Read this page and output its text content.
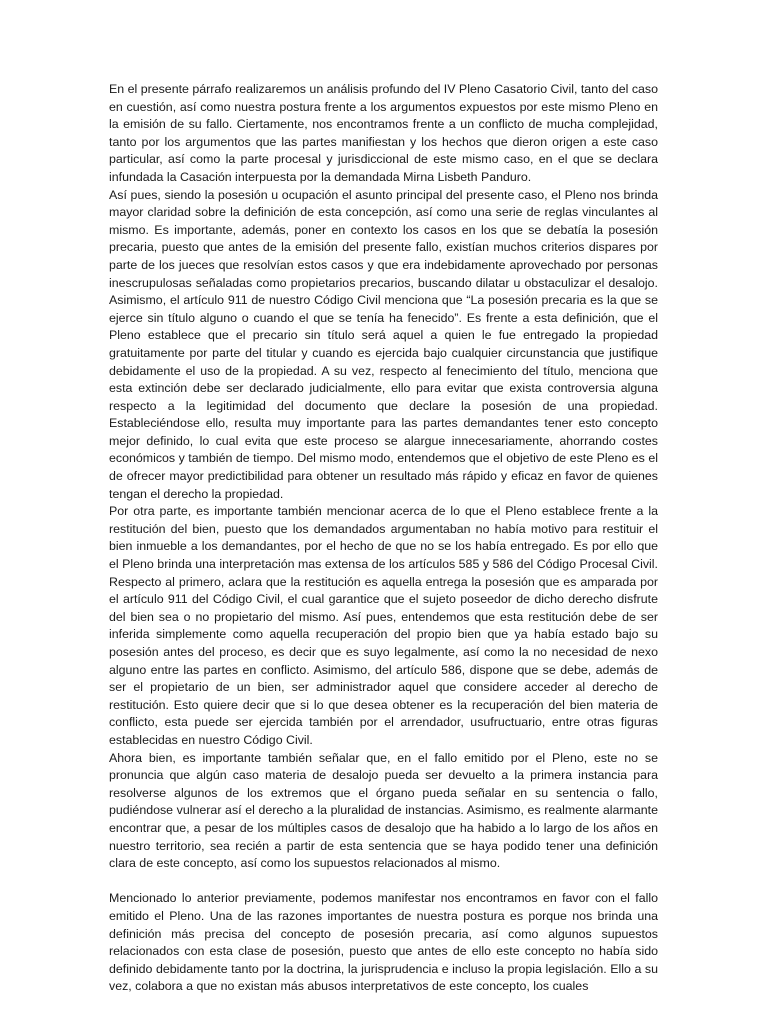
En el presente párrafo realizaremos un análisis profundo del IV Pleno Casatorio Civil, tanto del caso en cuestión, así como nuestra postura frente a los argumentos expuestos por este mismo Pleno en la emisión de su fallo. Ciertamente, nos encontramos frente a un conflicto de mucha complejidad, tanto por los argumentos que las partes manifiestan y los hechos que dieron origen a este caso particular, así como la parte procesal y jurisdiccional de este mismo caso, en el que se declara infundada la Casación interpuesta por la demandada Mirna Lisbeth Panduro.

Así pues, siendo la posesión u ocupación el asunto principal del presente caso, el Pleno nos brinda mayor claridad sobre la definición de esta concepción, así como una serie de reglas vinculantes al mismo. Es importante, además, poner en contexto los casos en los que se debatía la posesión precaria, puesto que antes de la emisión del presente fallo, existían muchos criterios dispares por parte de los jueces que resolvían estos casos y que era indebidamente aprovechado por personas inescrupulosas señaladas como propietarios precarios, buscando dilatar u obstaculizar el desalojo. Asimismo, el artículo 911 de nuestro Código Civil menciona que “La posesión precaria es la que se ejerce sin título alguno o cuando el que se tenía ha fenecido”. Es frente a esta definición, que el Pleno establece que el precario sin título será aquel a quien le fue entregado la propiedad gratuitamente por parte del titular y cuando es ejercida bajo cualquier circunstancia que justifique debidamente el uso de la propiedad. A su vez, respecto al fenecimiento del título, menciona que esta extinción debe ser declarado judicialmente, ello para evitar que exista controversia alguna respecto a la legitimidad del documento que declare la posesión de una propiedad. Estableciéndose ello, resulta muy importante para las partes demandantes tener esto concepto mejor definido, lo cual evita que este proceso se alargue innecesariamente, ahorrando costes económicos y también de tiempo. Del mismo modo, entendemos que el objetivo de este Pleno es el de ofrecer mayor predictibilidad para obtener un resultado más rápido y eficaz en favor de quienes tengan el derecho la propiedad.

Por otra parte, es importante también mencionar acerca de lo que el Pleno establece frente a la restitución del bien, puesto que los demandados argumentaban no había motivo para restituir el bien inmueble a los demandantes, por el hecho de que no se los había entregado. Es por ello que el Pleno brinda una interpretación mas extensa de los artículos 585 y 586 del Código Procesal Civil. Respecto al primero, aclara que la restitución es aquella entrega la posesión que es amparada por el artículo 911 del Código Civil, el cual garantice que el sujeto poseedor de dicho derecho disfrute del bien sea o no propietario del mismo. Así pues, entendemos que esta restitución debe de ser inferida simplemente como aquella recuperación del propio bien que ya había estado bajo su posesión antes del proceso, es decir que es suyo legalmente, así como la no necesidad de nexo alguno entre las partes en conflicto. Asimismo, del artículo 586, dispone que se debe, además de ser el propietario de un bien, ser administrador aquel que considere acceder al derecho de restitución. Esto quiere decir que si lo que desea obtener es la recuperación del bien materia de conflicto, esta puede ser ejercida también por el arrendador, usufructuario, entre otras figuras establecidas en nuestro Código Civil.

Ahora bien, es importante también señalar que, en el fallo emitido por el Pleno, este no se pronuncia que algún caso materia de desalojo pueda ser devuelto a la primera instancia para resolverse algunos de los extremos que el órgano pueda señalar en su sentencia o fallo, pudiéndose vulnerar así el derecho a la pluralidad de instancias. Asimismo, es realmente alarmante encontrar que, a pesar de los múltiples casos de desalojo que ha habido a lo largo de los años en nuestro territorio, sea recién a partir de esta sentencia que se haya podido tener una definición clara de este concepto, así como los supuestos relacionados al mismo.

Mencionado lo anterior previamente, podemos manifestar nos encontramos en favor con el fallo emitido el Pleno. Una de las razones importantes de nuestra postura es porque nos brinda una definición más precisa del concepto de posesión precaria, así como algunos supuestos relacionados con esta clase de posesión, puesto que antes de ello este concepto no había sido definido debidamente tanto por la doctrina, la jurisprudencia e incluso la propia legislación. Ello a su vez, colabora a que no existan más abusos interpretativos de este concepto, los cuales
